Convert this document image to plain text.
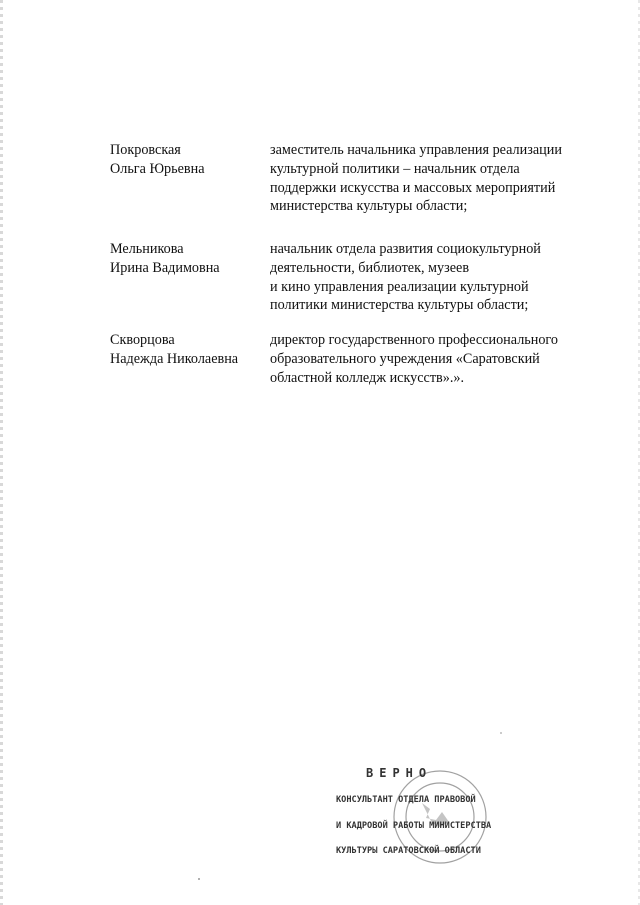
Покровская
Ольга Юрьевна
заместитель начальника управления реализации
культурной политики – начальник отдела
поддержки искусства и массовых мероприятий
министерства культуры области;
Мельникова
Ирина Вадимовна
начальник отдела развития социокультурной
деятельности, библиотек, музеев
и кино управления реализации культурной
политики министерства культуры области;
Скворцова
Надежда Николаевна
директор государственного профессионального
образовательного учреждения «Саратовский
областной колледж искусств».».
ВЕРНО
КОНСУЛЬТАНТ ОТДЕЛА ПРАВОВОЙ
И КАДРОВОЙ РАБОТЫ МИНИСТЕРСТВА
КУЛЬТУРЫ САРАТОВСКОЙ ОБЛАСТИ
